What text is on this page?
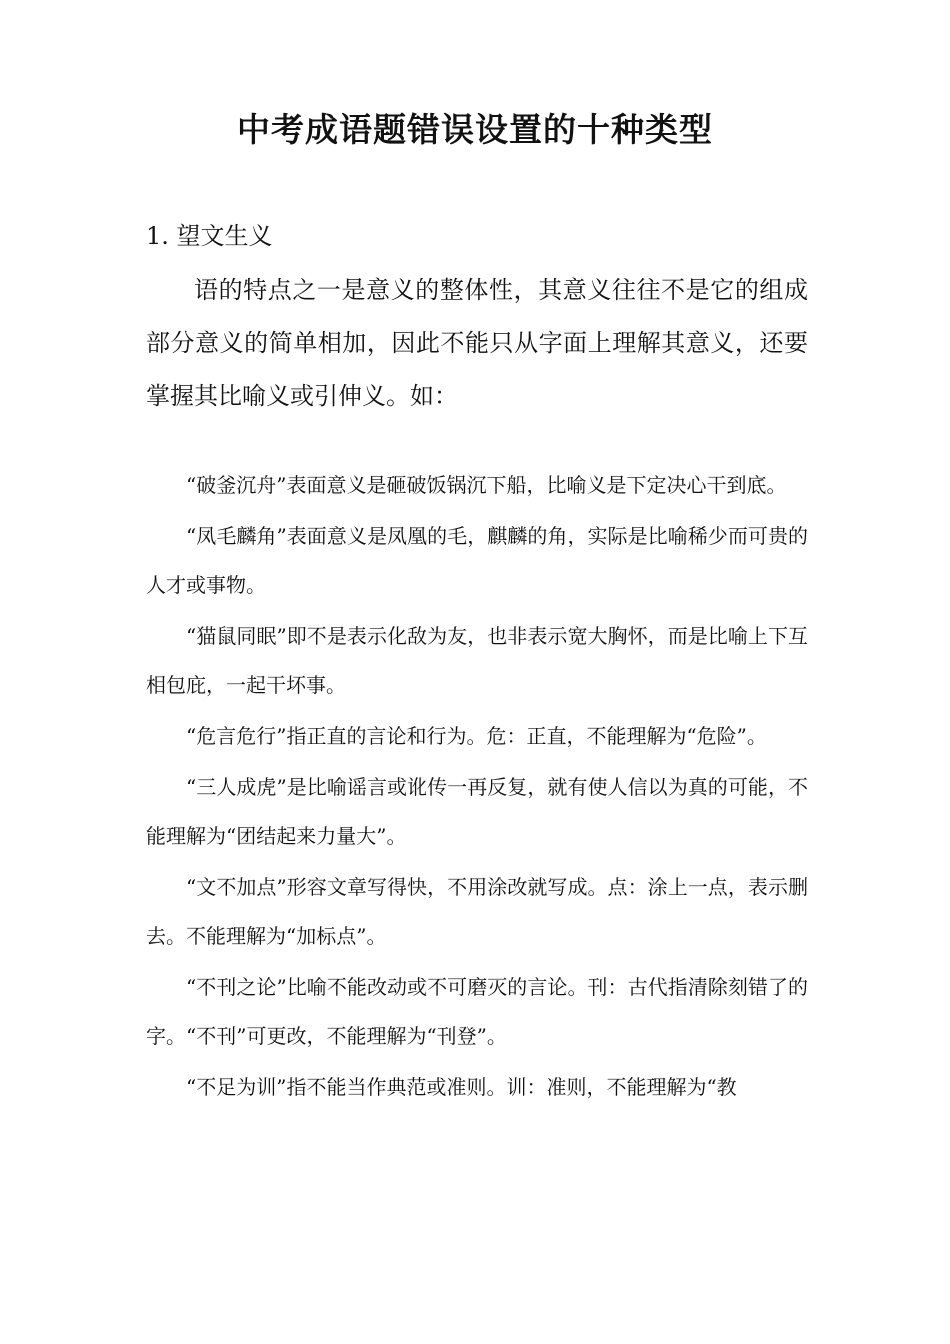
中考成语题错误设置的十种类型
1. 望文生义

语的特点之一是意义的整体性，其意义往往不是它的组成部分意义的简单相加，因此不能只从字面上理解其意义，还要掌握其比喻义或引伸义。如：

“破釜沉舟”表面意义是砸破饭锅沉下船，比喻义是下定决心干到底。

“凤毛麟角”表面意义是凤凰的毛，麒麟的角，实际是比喻稀少而可贵的人才或事物。

“猫鼠同眠”即不是表示化敌为友，也非表示宽大胸怀，而是比喻上下互相包庇，一起干坏事。

“危言危行”指正直的言论和行为。危：正直，不能理解为“危险”。

“三人成虎”是比喻谣言或讹传一再反复，就有使人信以为真的可能，不能理解为“团结起来力量大”。

“文不加点”形容文章写得快，不用涂改就写成。点：涂上一点，表示删去。不能理解为“加标点”。

“不刊之论”比喻不能改动或不可磨灭的言论。刊：古代指清除刻错了的字。“不刊”可更改，不能理解为“刊登”。

“不足为训”指不能当作典范或准则。训：准则，不能理解为“教
